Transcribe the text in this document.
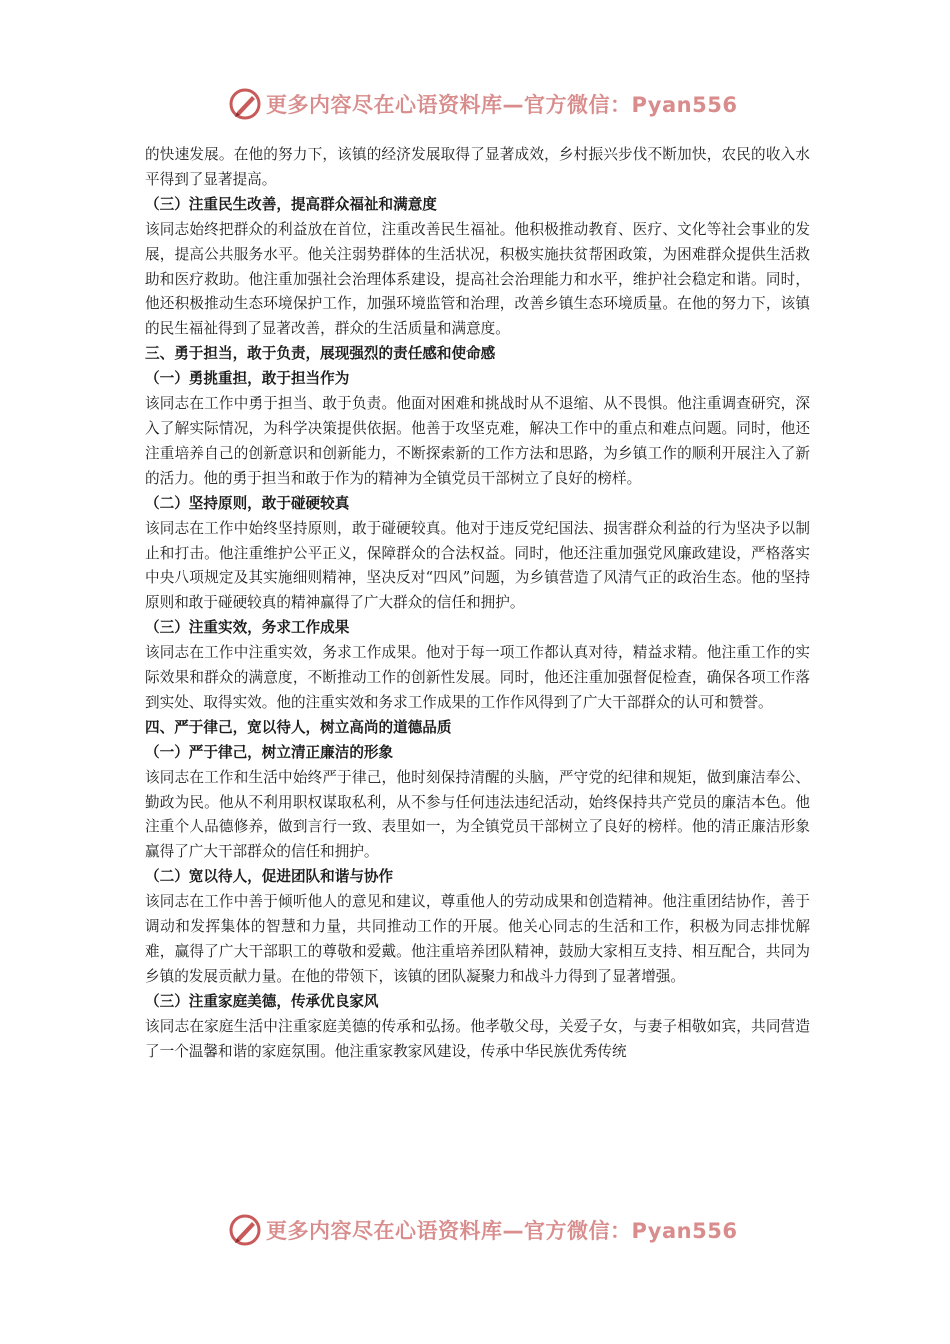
更多内容尽在心语资料库—官方微信：Pyan556
的快速发展。在他的努力下，该镇的经济发展取得了显著成效，乡村振兴步伐不断加快，农民的收入水平得到了显著提高。
（三）注重民生改善，提高群众福祉和满意度
该同志始终把群众的利益放在首位，注重改善民生福祉。他积极推动教育、医疗、文化等社会事业的发展，提高公共服务水平。他关注弱势群体的生活状况，积极实施扶贫帮困政策，为困难群众提供生活救助和医疗救助。他注重加强社会治理体系建设，提高社会治理能力和水平，维护社会稳定和谐。同时，他还积极推动生态环境保护工作，加强环境监管和治理，改善乡镇生态环境质量。在他的努力下，该镇的民生福祉得到了显著改善，群众的生活质量和满意度。
三、勇于担当，敢于负责，展现强烈的责任感和使命感
（一）勇挑重担，敢于担当作为
该同志在工作中勇于担当、敢于负责。他面对困难和挑战时从不退缩、从不畏惧。他注重调查研究，深入了解实际情况，为科学决策提供依据。他善于攻坚克难，解决工作中的重点和难点问题。同时，他还注重培养自己的创新意识和创新能力，不断探索新的工作方法和思路，为乡镇工作的顺利开展注入了新的活力。他的勇于担当和敢于作为的精神为全镇党员干部树立了良好的榜样。
（二）坚持原则，敢于碰硬较真
该同志在工作中始终坚持原则，敢于碰硬较真。他对于违反党纪国法、损害群众利益的行为坚决予以制止和打击。他注重维护公平正义，保障群众的合法权益。同时，他还注重加强党风廉政建设，严格落实中央八项规定及其实施细则精神，坚决反对“四风”问题，为乡镇营造了风清气正的政治生态。他的坚持原则和敢于碰硬较真的精神赢得了广大群众的信任和拥护。
（三）注重实效，务求工作成果
该同志在工作中注重实效，务求工作成果。他对于每一项工作都认真对待，精益求精。他注重工作的实际效果和群众的满意度，不断推动工作的创新性发展。同时，他还注重加强督促检查，确保各项工作落到实处、取得实效。他的注重实效和务求工作成果的工作作风得到了广大干部群众的认可和赞誉。
四、严于律己，宽以待人，树立高尚的道德品质
（一）严于律己，树立清正廉洁的形象
该同志在工作和生活中始终严于律己，他时刻保持清醒的头脑，严守党的纪律和规矩，做到廉洁奉公、勤政为民。他从不利用职权谋取私利，从不参与任何违法违纪活动，始终保持共产党员的廉洁本色。他注重个人品德修养，做到言行一致、表里如一，为全镇党员干部树立了良好的榜样。他的清正廉洁形象赢得了广大干部群众的信任和拥护。
（二）宽以待人，促进团队和谐与协作
该同志在工作中善于倾听他人的意见和建议，尊重他人的劳动成果和创造精神。他注重团结协作，善于调动和发挥集体的智慧和力量，共同推动工作的开展。他关心同志的生活和工作，积极为同志排忧解难，赢得了广大干部职工的尊敬和爱戴。他注重培养团队精神，鼓励大家相互支持、相互配合，共同为乡镇的发展贡献力量。在他的带领下，该镇的团队凝聚力和战斗力得到了显著增强。
（三）注重家庭美德，传承优良家风
该同志在家庭生活中注重家庭美德的传承和弘扬。他孝敬父母，关爱子女，与妻子相敬如宾，共同营造了一个温馨和谐的家庭氛围。他注重家教家风建设，传承中华民族优秀传统
更多内容尽在心语资料库—官方微信：Pyan556
